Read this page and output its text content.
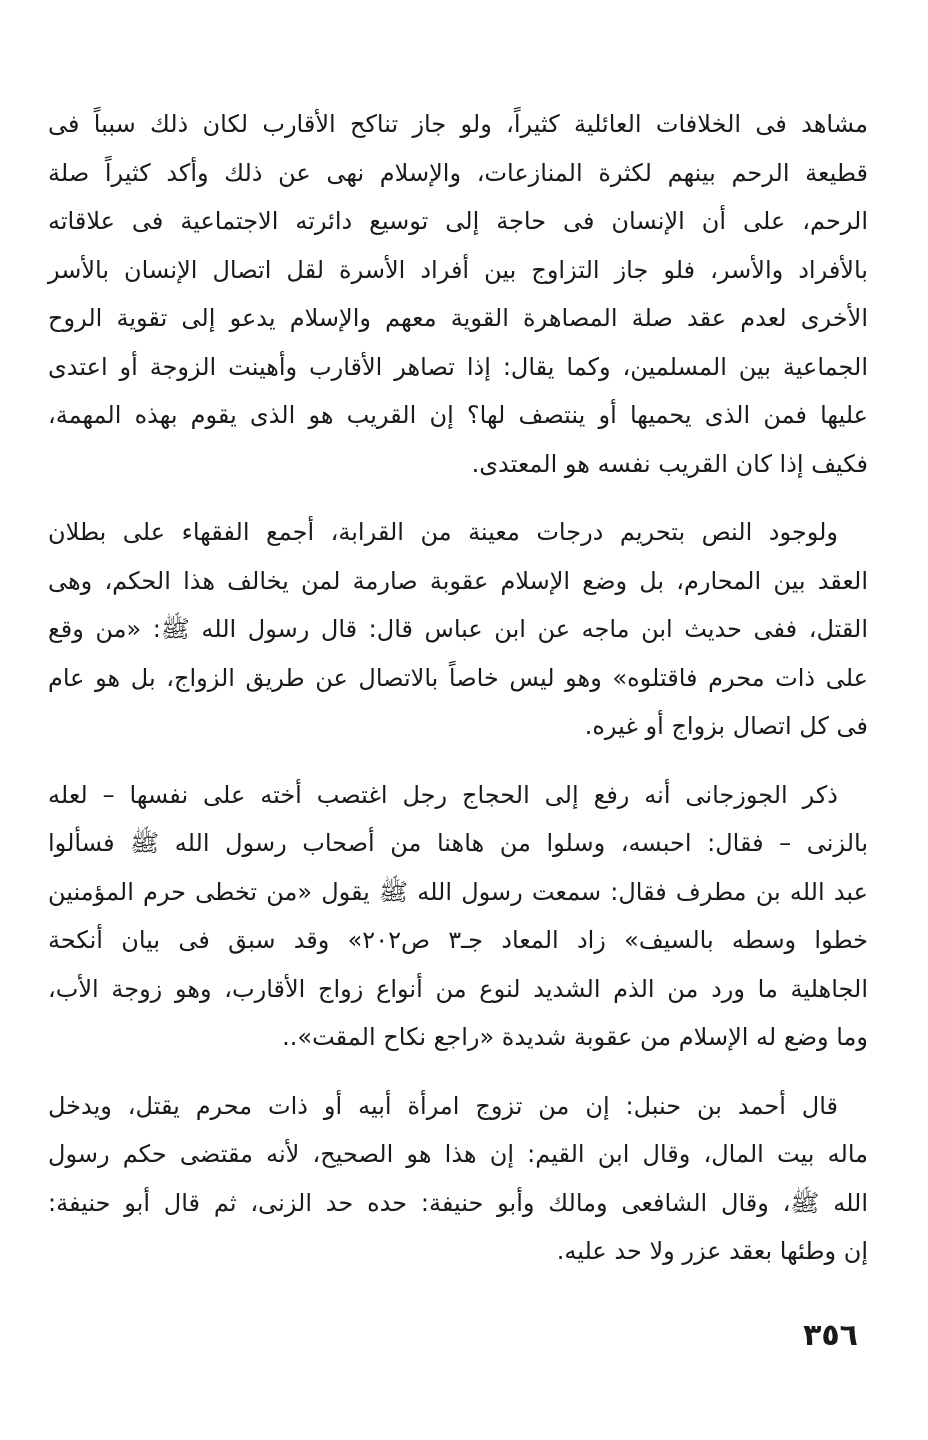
مشاهد فى الخلافات العائلية كثيراً، ولو جاز تناكح الأقارب لكان ذلك سبباً فى
قطيعة الرحم بينهم لكثرة المنازعات، والإسلام نهى عن ذلك وأكد كثيراً صلة
الرحم، على أن الإنسان فى حاجة إلى توسيع دائرته الاجتماعية فى علاقاته
بالأفراد والأسر، فلو جاز التزاوج بين أفراد الأسرة لقل اتصال الإنسان بالأسر
الأخرى لعدم عقد صلة المصاهرة القوية معهم والإسلام يدعو إلى تقوية الروح
الجماعية بين المسلمين، وكما يقال: إذا تصاهر الأقارب وأهينت الزوجة أو اعتدى
عليها فمن الذى يحميها أو ينتصف لها؟ إن القريب هو الذى يقوم بهذه المهمة،
فكيف إذا كان القريب نفسه هو المعتدى.

ولوجود النص بتحريم درجات معينة من القرابة، أجمع الفقهاء على بطلان
العقد بين المحارم، بل وضع الإسلام عقوبة صارمة لمن يخالف هذا الحكم، وهى
القتل، ففى حديث ابن ماجه عن ابن عباس قال: قال رسول الله ﷺ: «من وقع
على ذات محرم فاقتلوه» وهو ليس خاصاً بالاتصال عن طريق الزواج، بل هو عام
فى كل اتصال بزواج أو غيره.

ذكر الجوزجانى أنه رفع إلى الحجاج رجل اغتصب أخته على نفسها – لعله
بالزنى – فقال: احبسه، وسلوا من هاهنا من أصحاب رسول الله ﷺ فسألوا
عبد الله بن مطرف فقال: سمعت رسول الله ﷺ يقول «من تخطى حرم المؤمنين
خطوا وسطه بالسيف» زاد المعاد جـ٣ ص٢٠٢» وقد سبق فى بيان أنكحة
الجاهلية ما ورد من الذم الشديد لنوع من أنواع زواج الأقارب، وهو زوجة الأب،
وما وضع له الإسلام من عقوبة شديدة «راجع نكاح المقت»..

قال أحمد بن حنبل: إن من تزوج امرأة أبيه أو ذات محرم يقتل، ويدخل
ماله بيت المال، وقال ابن القيم: إن هذا هو الصحيح، لأنه مقتضى حكم رسول
الله ﷺ، وقال الشافعى ومالك وأبو حنيفة: حده حد الزنى، ثم قال أبو حنيفة:
إن وطئها بعقد عزر ولا حد عليه.

٣٥٦
